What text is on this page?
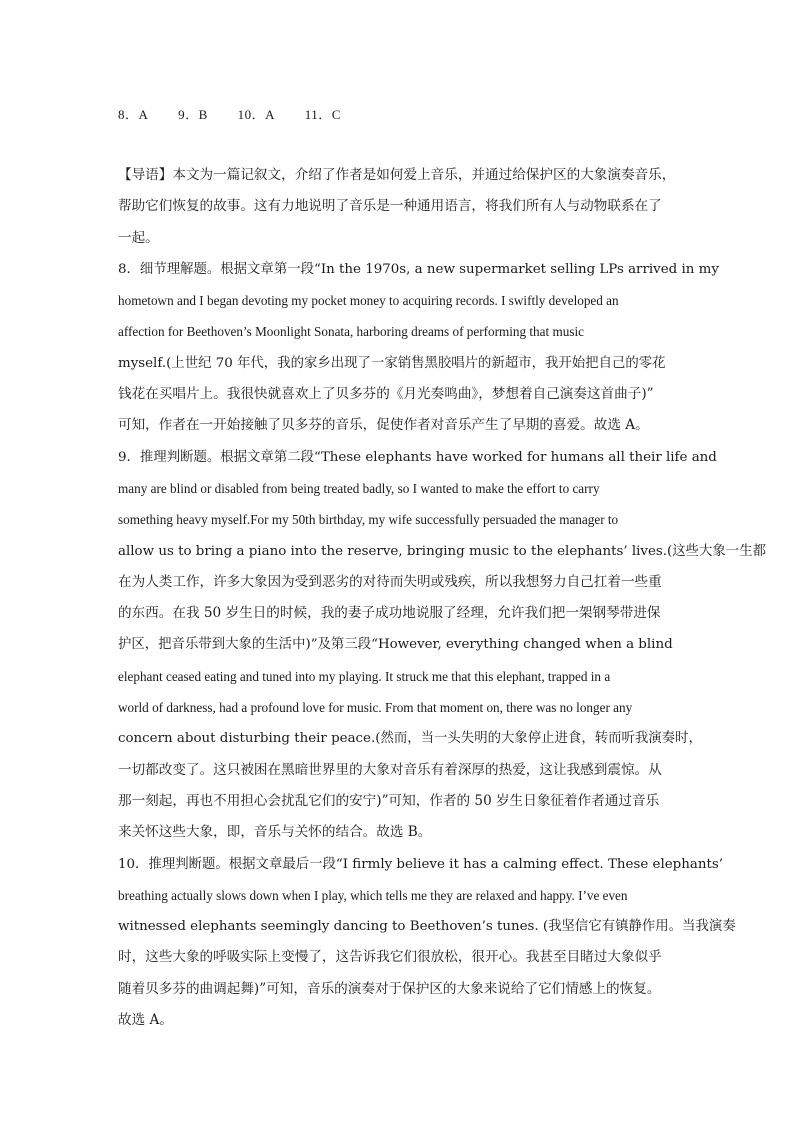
8．A 9．B 10．A 11．C
【导语】本文为一篇记叙文，介绍了作者是如何爱上音乐，并通过给保护区的大象演奏音乐，
帮助它们恢复的故事。这有力地说明了音乐是一种通用语言，将我们所有人与动物联系在了
一起。
8．细节理解题。根据文章第一段“In the 1970s, a new supermarket selling LPs arrived in my
hometown and I began devoting my pocket money to acquiring records. I swiftly developed an
affection for Beethoven’s Moonlight Sonata, harboring dreams of performing that music
myself.(上世纪 70 年代，我的家乡出现了一家销售黑胶唱片的新超市，我开始把自己的零花
钱花在买唱片上。我很快就喜欢上了贝多芬的《月光奏鸣曲》，梦想着自己演奏这首曲子)”
可知，作者在一开始接触了贝多芬的音乐，促使作者对音乐产生了早期的喜爱。故选 A。
9．推理判断题。根据文章第二段“These elephants have worked for humans all their life and
many are blind or disabled from being treated badly, so I wanted to make the effort to carry
something heavy myself.For my 50th birthday, my wife successfully persuaded the manager to
allow us to bring a piano into the reserve, bringing music to the elephants’ lives.(这些大象一生都
在为人类工作，许多大象因为受到恶劣的对待而失明或残疾，所以我想努力自己扛着一些重
的东西。在我 50 岁生日的时候，我的妻子成功地说服了经理，允许我们把一架钢琴带进保
护区，把音乐带到大象的生活中)”及第三段“However, everything changed when a blind
elephant ceased eating and tuned into my playing. It struck me that this elephant, trapped in a
world of darkness, had a profound love for music. From that moment on, there was no longer any
concern about disturbing their peace.(然而，当一头失明的大象停止进食，转而听我演奏时，
一切都改变了。这只被困在黑暗世界里的大象对音乐有着深厚的热爱，这让我感到震惊。从
那一刻起，再也不用担心会扰乱它们的安宁)”可知，作者的 50 岁生日象征着作者通过音乐
来关怀这些大象，即，音乐与关怀的结合。故选 B。
10．推理判断题。根据文章最后一段“I firmly believe it has a calming effect. These elephants’
breathing actually slows down when I play, which tells me they are relaxed and happy. I’ve even
witnessed elephants seemingly dancing to Beethoven’s tunes. (我坚信它有镇静作用。当我演奏
时，这些大象的呼吸实际上变慢了，这告诉我它们很放松，很开心。我甚至目睹过大象似乎
随着贝多芬的曲调起舞)”可知，音乐的演奏对于保护区的大象来说给了它们情感上的恢复。
故选 A。
